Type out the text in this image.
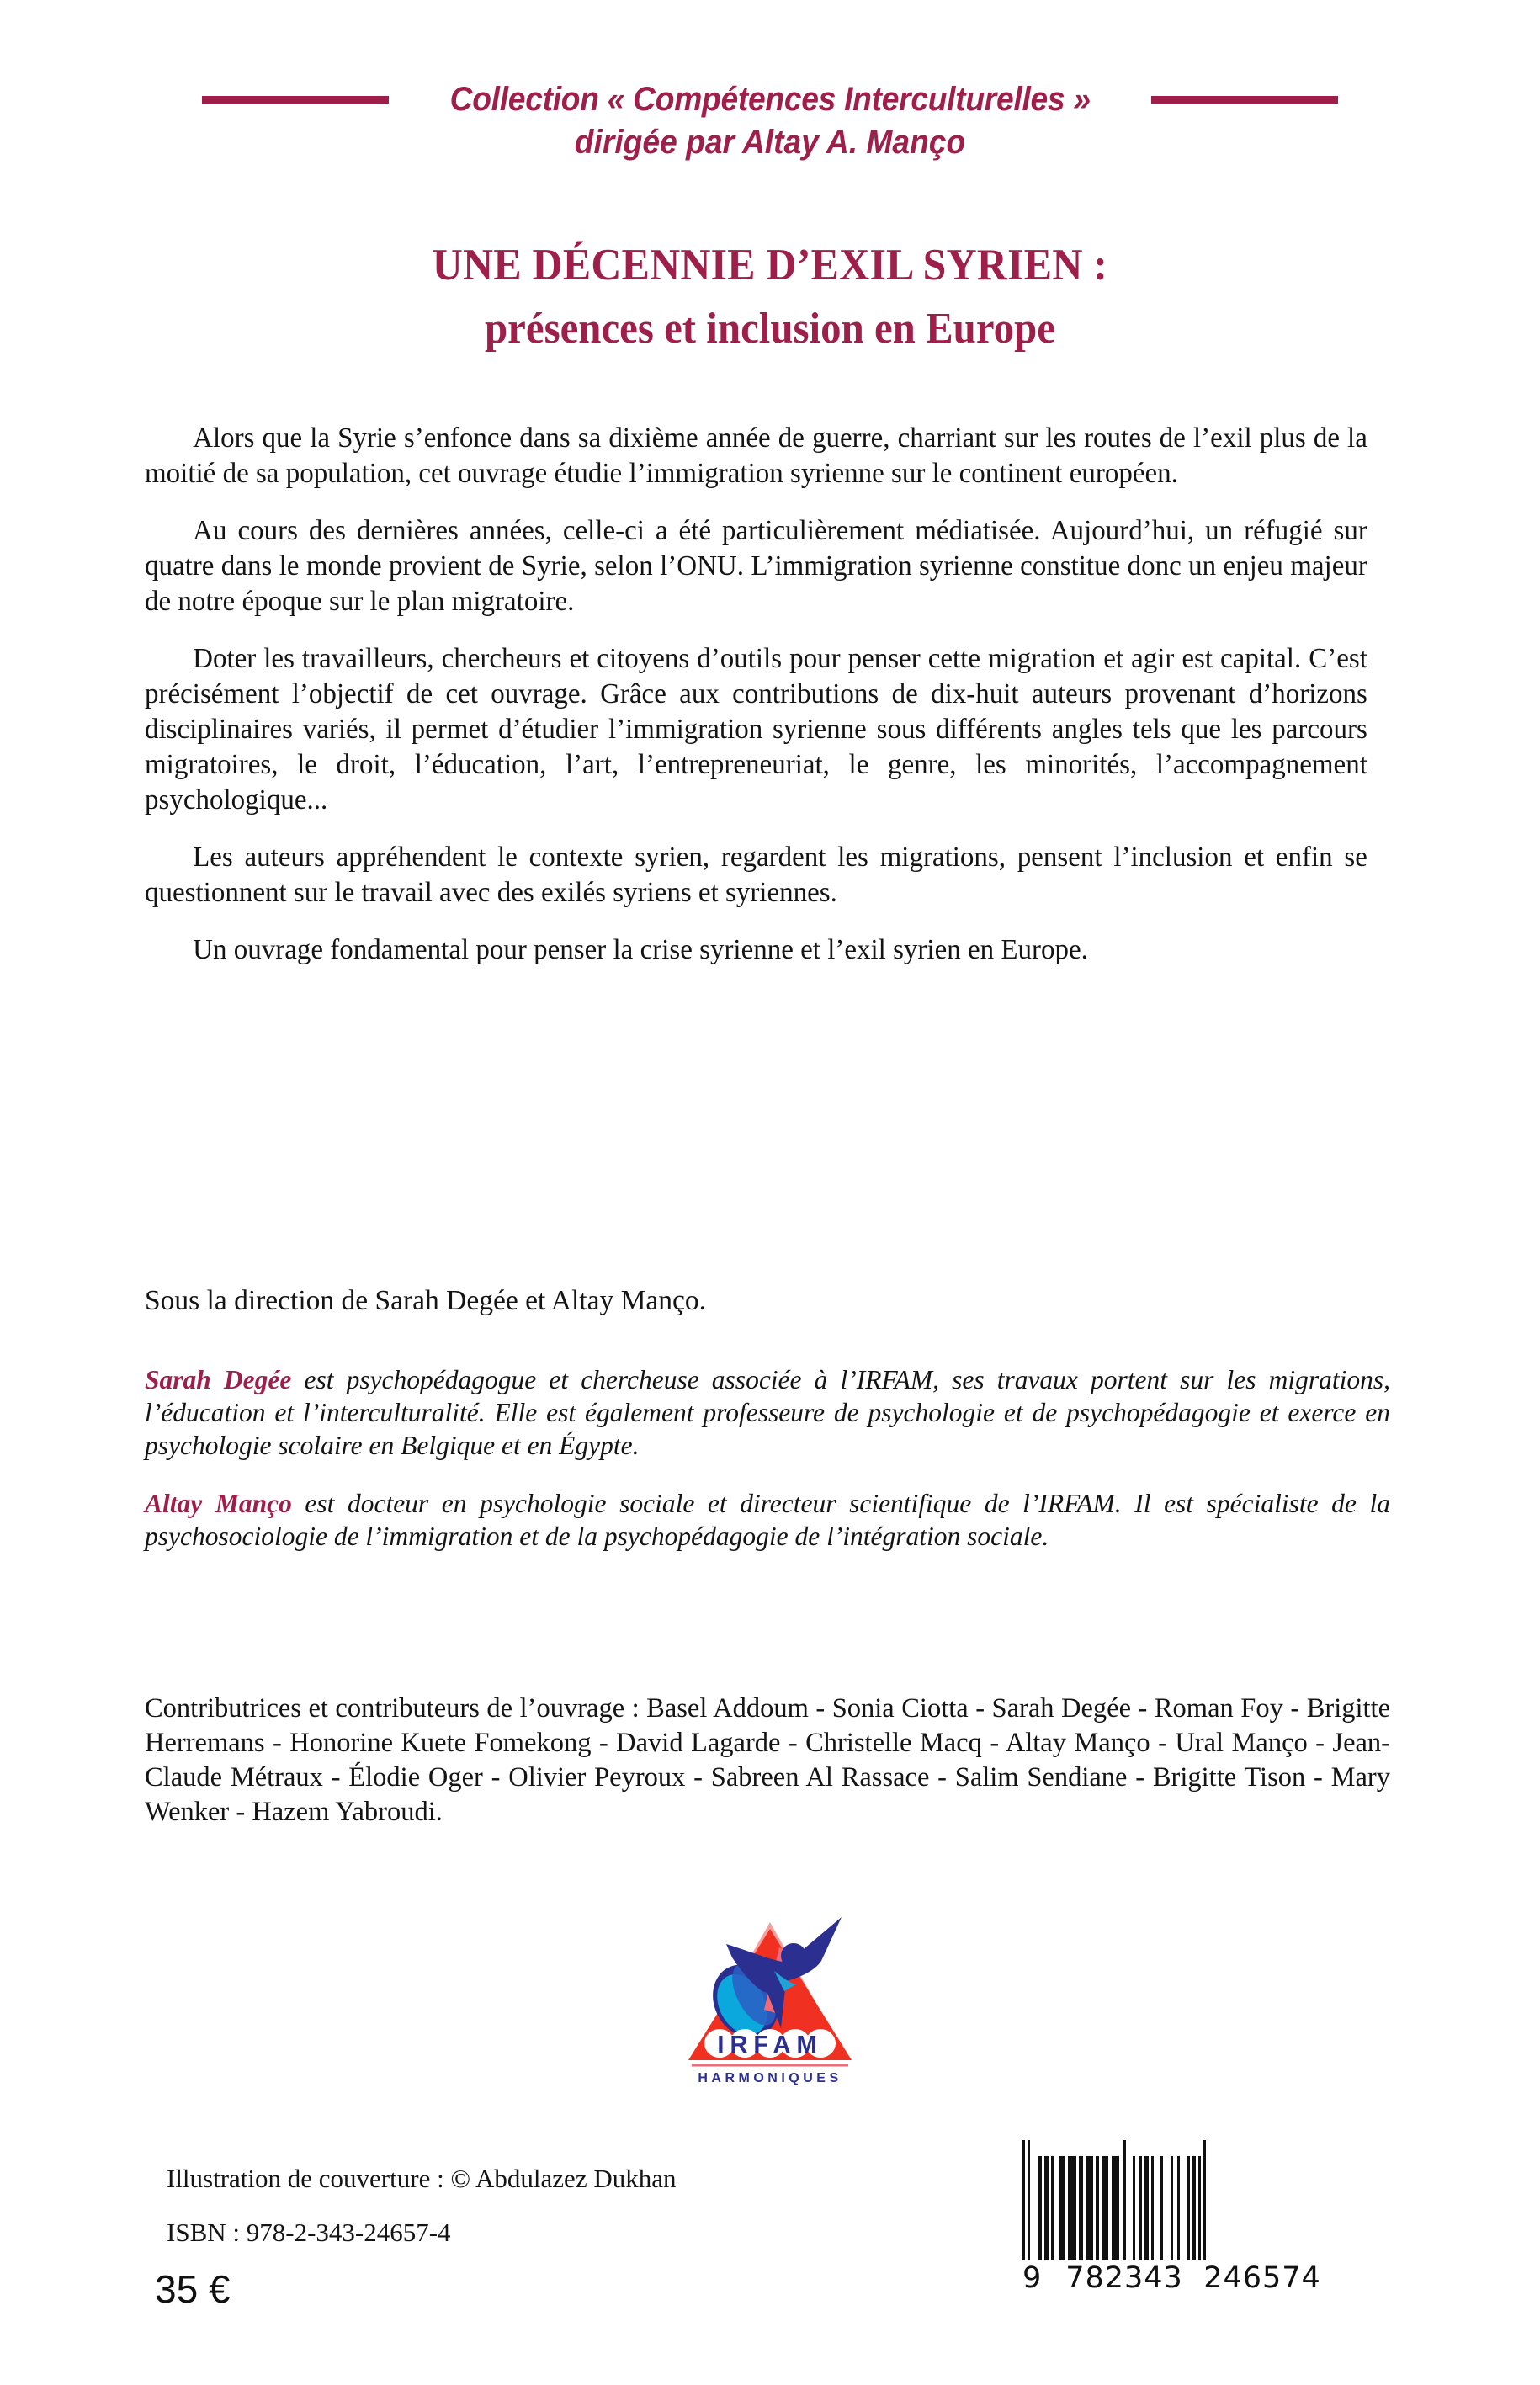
Collection « Compétences Interculturelles »
dirigée par Altay A. Manço
UNE DÉCENNIE D’EXIL SYRIEN :
présences et inclusion en Europe

Alors que la Syrie s’enfonce dans sa dixième année de guerre, charriant sur les routes de l’exil plus de la moitié de sa population, cet ouvrage étudie l’immigration syrienne sur le continent européen.

Au cours des dernières années, celle-ci a été particulièrement médiatisée. Aujourd’hui, un réfugié sur quatre dans le monde provient de Syrie, selon l’ONU. L’immigration syrienne constitue donc un enjeu majeur de notre époque sur le plan migratoire.

Doter les travailleurs, chercheurs et citoyens d’outils pour penser cette migration et agir est capital. C’est précisément l’objectif de cet ouvrage. Grâce aux contributions de dix-huit auteurs provenant d’horizons disciplinaires variés, il permet d’étudier l’immigration syrienne sous différents angles tels que les parcours migratoires, le droit, l’éducation, l’art, l’entrepreneuriat, le genre, les minorités, l’accompagnement psychologique...

Les auteurs appréhendent le contexte syrien, regardent les migrations, pensent l’inclusion et enfin se questionnent sur le travail avec des exilés syriens et syriennes.

Un ouvrage fondamental pour penser la crise syrienne et l’exil syrien en Europe.

Sous la direction de Sarah Degée et Altay Manço.

Sarah Degée est psychopédagogue et chercheuse associée à l’IRFAM, ses travaux portent sur les migrations, l’éducation et l’interculturalité. Elle est également professeure de psychologie et de psychopédagogie et exerce en psychologie scolaire en Belgique et en Égypte.

Altay Manço est docteur en psychologie sociale et directeur scientifique de l’IRFAM. Il est spécialiste de la psychosociologie de l’immigration et de la psychopédagogie de l’intégration sociale.

Contributrices et contributeurs de l’ouvrage : Basel Addoum - Sonia Ciotta - Sarah Degée - Roman Foy - Brigitte Herremans - Honorine Kuete Fomekong - David Lagarde - Christelle Macq - Altay Manço - Ural Manço - Jean-Claude Métraux - Élodie Oger - Olivier Peyroux - Sabreen Al Rassace - Salim Sendiane - Brigitte Tison - Mary Wenker - Hazem Yabroudi.
IRFAM
HARMONIQUES
Illustration de couverture : © Abdulazez Dukhan
ISBN : 978-2-343-24657-4
35 €	9 782343 246574
